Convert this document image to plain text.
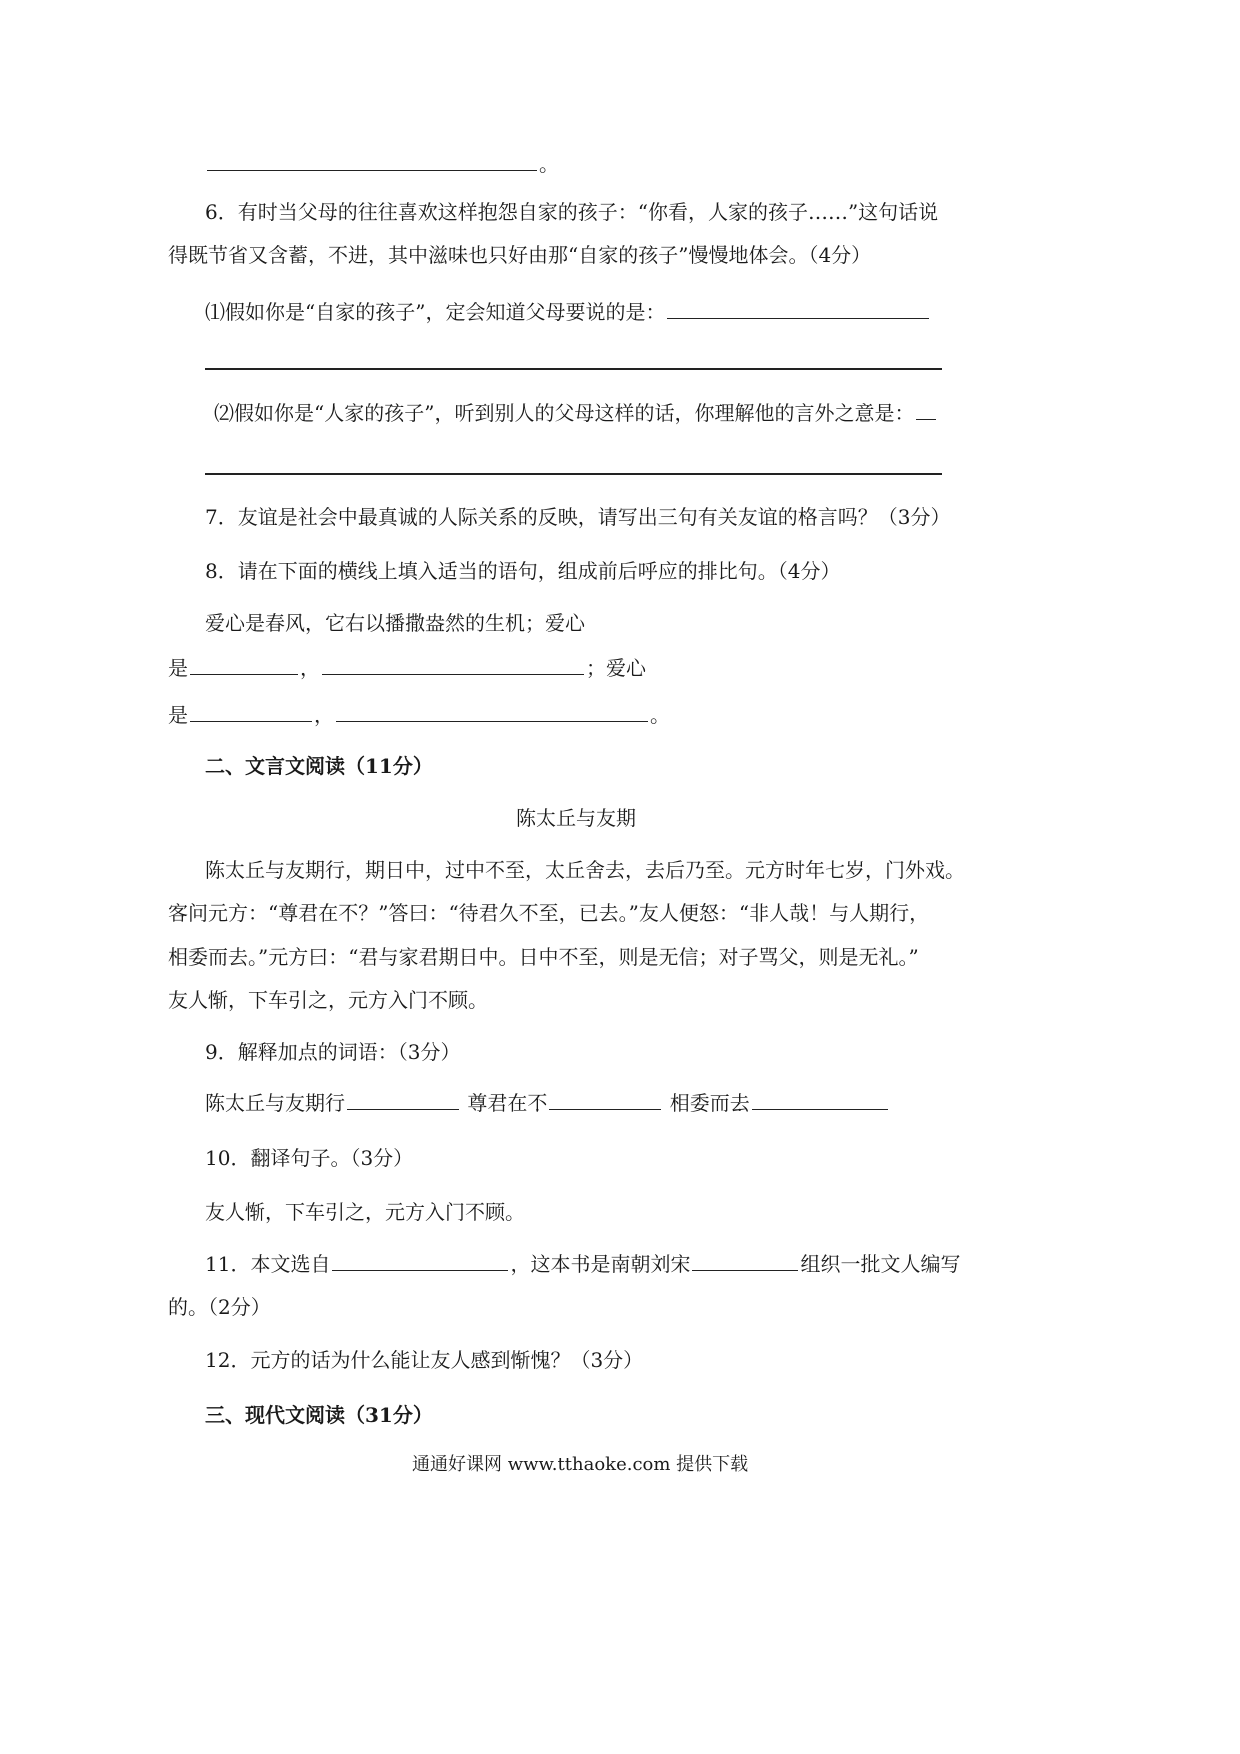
。
6．有时当父母的往往喜欢这样抱怨自家的孩子：“你看，人家的孩子……”这句话说
得既节省又含蓄，不进，其中滋味也只好由那“自家的孩子”慢慢地体会。（4分）
⑴假如你是“自家的孩子”，定会知道父母要说的是：
⑵假如你是“人家的孩子”，听到别人的父母这样的话，你理解他的言外之意是：
7．友谊是社会中最真诚的人际关系的反映，请写出三句有关友谊的格言吗？（3分）
8．请在下面的横线上填入适当的语句，组成前后呼应的排比句。（4分）
爱心是春风，它右以播撒盎然的生机；爱心
是	，	；爱心
是	，	。
二、文言文阅读（11分）
陈太丘与友期
陈太丘与友期行，期日中，过中不至，太丘舍去，去后乃至。元方时年七岁，门外戏。
客问元方：“尊君在不？”答曰：“待君久不至，已去。”友人便怒：“非人哉！与人期行，
相委而去。”元方曰：“君与家君期日中。日中不至，则是无信；对子骂父，则是无礼。”
友人惭，下车引之，元方入门不顾。
9．解释加点的词语：（3分）
陈太丘与友期行	尊君在不	相委而去
10．翻译句子。（3分）
友人惭，下车引之，元方入门不顾。
11．本文选自	，这本书是南朝刘宋	组织一批文人编写
的。（2分）
12．元方的话为什么能让友人感到惭愧？（3分）
三、现代文阅读（31分）
通通好课网 www.tthaoke.com 提供下载
